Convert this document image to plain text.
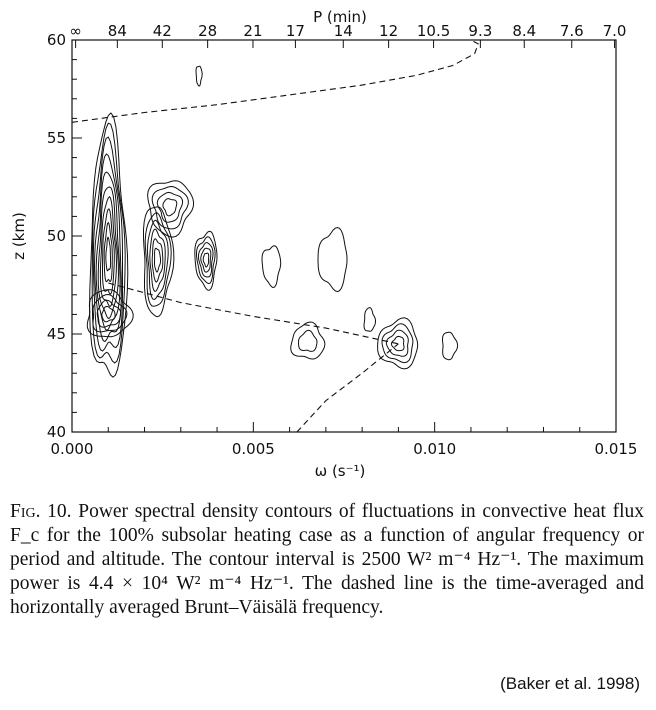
0.000	0.005	0.010	0.015
40
45
50
55
60 ∞ 84 42 28 21 17 14 12 10.5 9.3 8.4 7.6 7.0
ω (s⁻¹)
z (km)
P (min)
Fig. 10. Power spectral density contours of fluctuations in convective heat flux F_c for the 100% subsolar heating case as a function of angular frequency or period and altitude. The contour interval is 2500 W² m⁻⁴ Hz⁻¹. The maximum power is 4.4 × 10⁴ W² m⁻⁴ Hz⁻¹. The dashed line is the time-averaged and horizontally averaged Brunt–Väisälä frequency.
(Baker et al. 1998)
